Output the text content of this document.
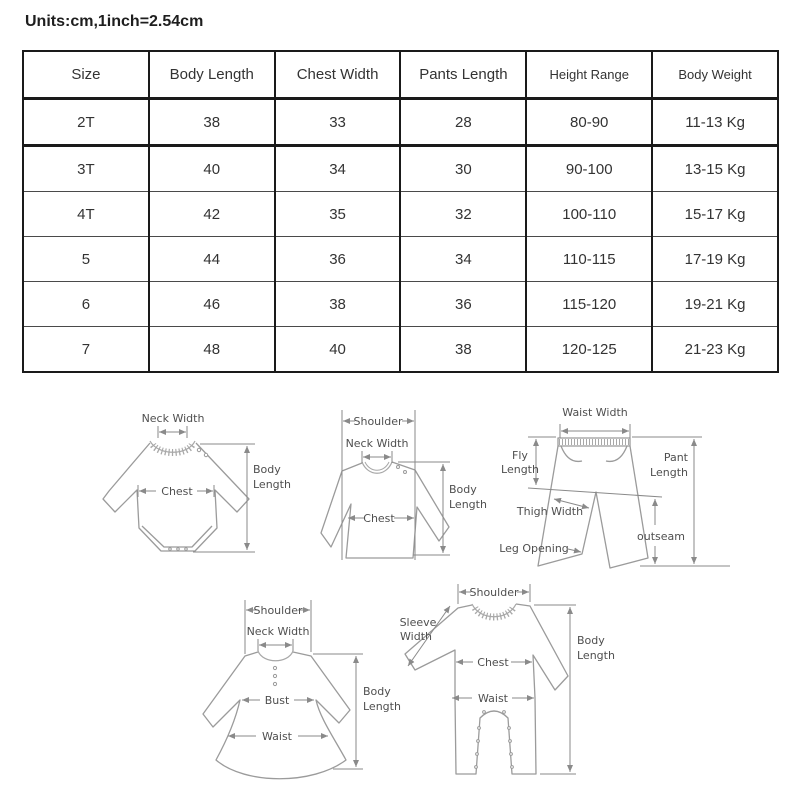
Units:cm,1inch=2.54cm
Size	Body Length	Chest Width	Pants Length	Height Range	Body Weight
2T	38	33	28	80-90	11-13 Kg
3T	40	34	30	90-100	13-15 Kg
4T	42	35	32	100-110	15-17 Kg
5	44	36	34	110-115	17-19 Kg
6	46	38	36	115-120	19-21 Kg
7	48	40	38	120-125	21-23 Kg
Neck Width
Chest
Body
Length
Shoulder
Neck Width
Chest
Body
Length
Waist Width
Fly
Length
Thigh Width
Leg Opening
outseam
Pant
Length
Shoulder
Neck Width
Bust
Waist
Body
Length
Shoulder
Sleeve
Width
Chest
Waist
Body
Length
